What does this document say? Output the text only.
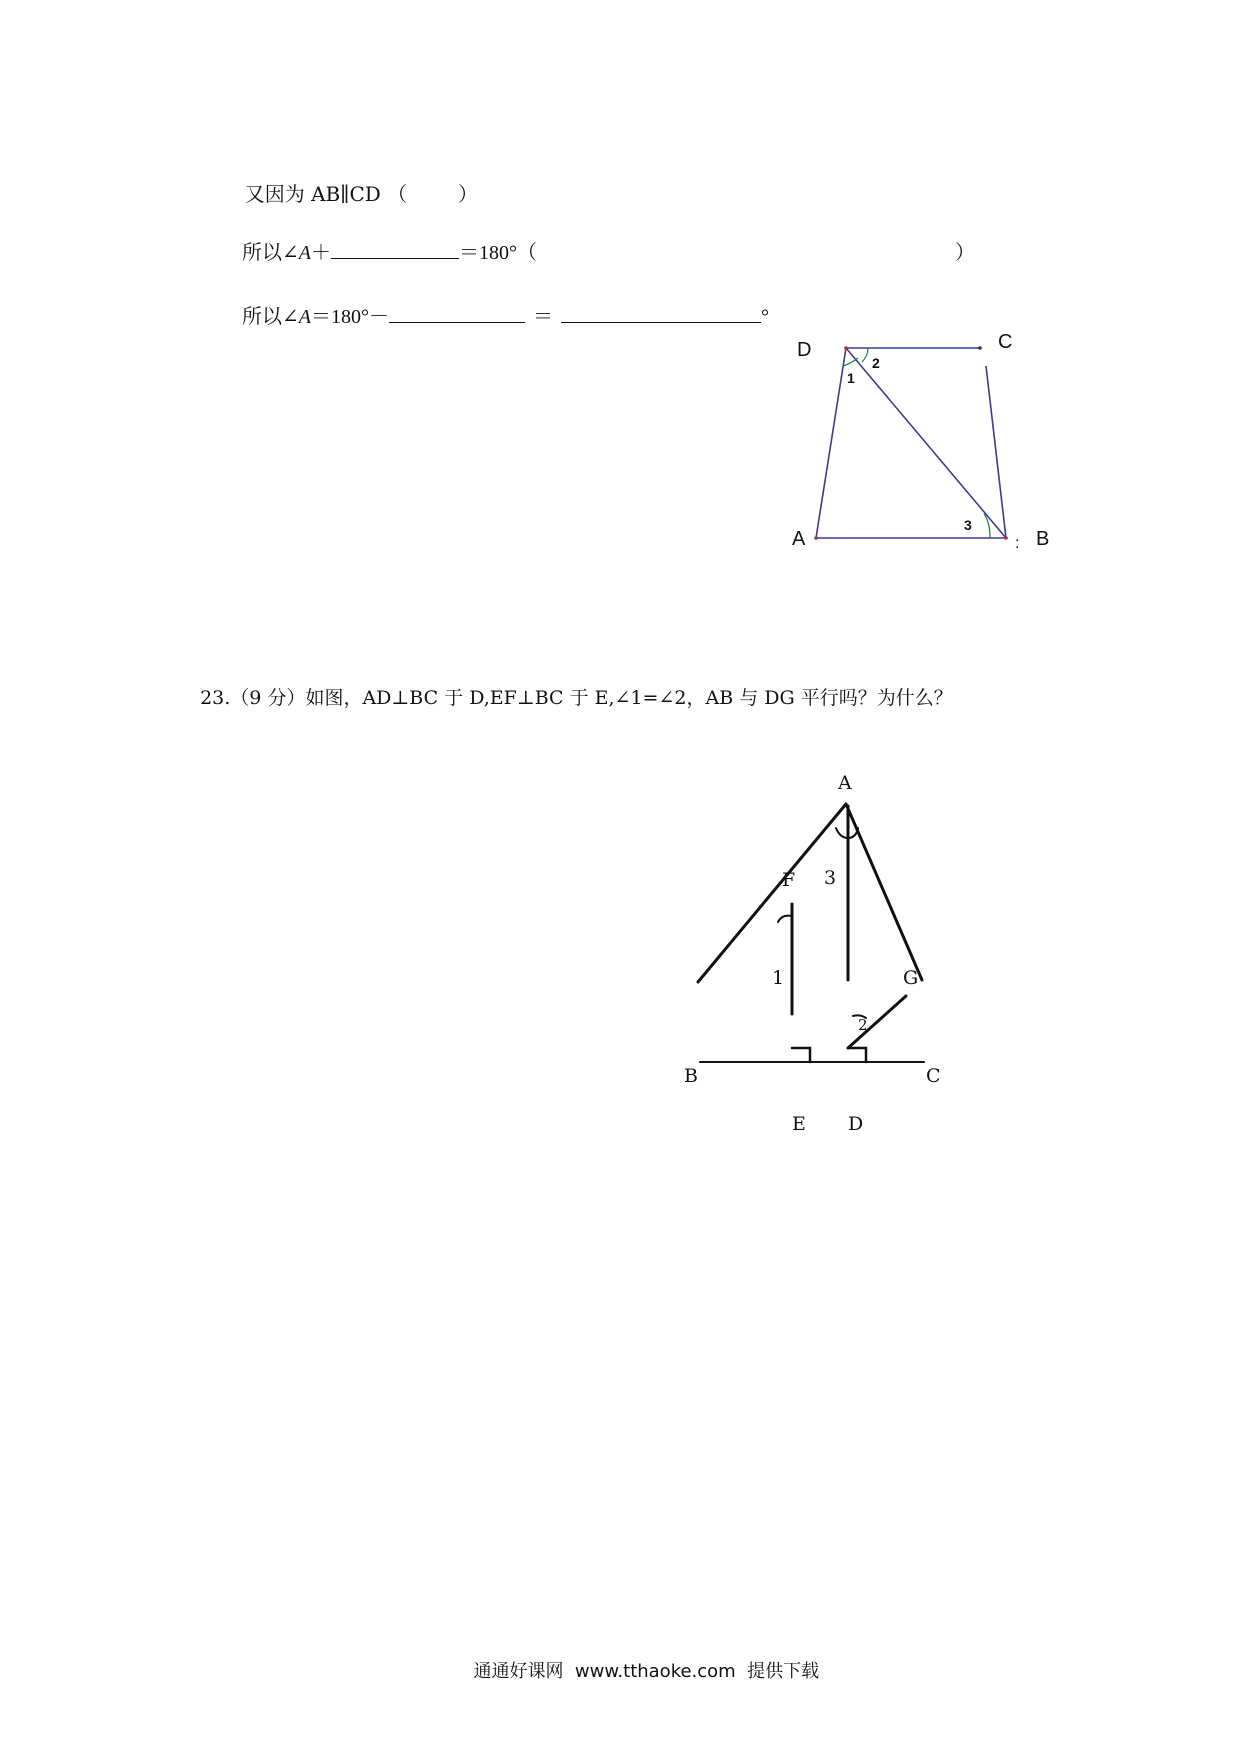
又因为 AB∥CD （        ）

所以∠A＋	＝180°（	）

所以∠A＝180°－	＝	°

D	C
A	B
1
2
3
:

23.（9 分）如图，AD⊥BC 于 D,EF⊥BC 于 E,∠1=∠2，AB 与 DG 平行吗？为什么？

A
F 3
1	G
2
B	C
E D

通通好课网  www.tthaoke.com  提供下载
